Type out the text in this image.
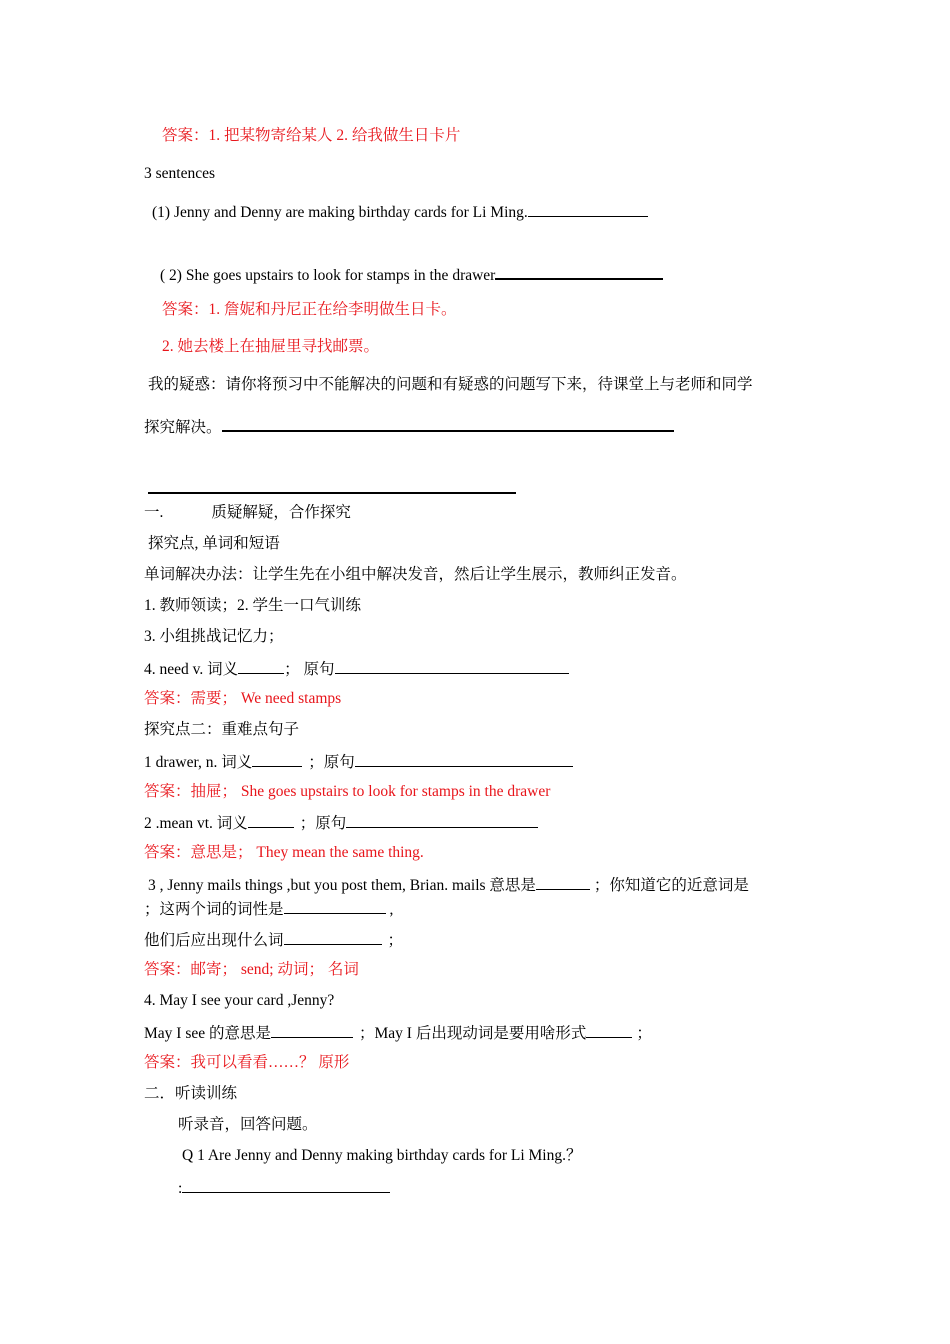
答案：1. 把某物寄给某人 2. 给我做生日卡片
3 sentences
(1) Jenny and Denny are making birthday cards for Li Ming.
( 2) She goes upstairs to look for stamps in the drawer
答案：1. 詹妮和丹尼正在给李明做生日卡。
2. 她去楼上在抽屉里寻找邮票。
我的疑惑：请你将预习中不能解决的问题和有疑惑的问题写下来，待课堂上与老师和同学
探究解决。
一.	质疑解疑，合作探究
探究点, 单词和短语
单词解决办法：让学生先在小组中解决发音，然后让学生展示，教师纠正发音。
1. 教师领读；2. 学生一口气训练
3. 小组挑战记忆力；
4. need v. 词义	； 原句
答案：需要； We need stamps
探究点二：重难点句子
1 drawer, n. 词义	；原句
答案：抽屉； She goes upstairs to look for stamps in the drawer
2 .mean vt. 词义	；原句
答案：意思是； They mean the same thing.
3 , Jenny mails things ,but you post them, Brian. mails 意思是	；你知道它的近意词是
；这两个词的词性是	,
他们后应出现什么词	；
答案：邮寄； send; 动词； 名词
4. May I see your card ,Jenny?
May I see 的意思是	；May I 后出现动词是要用啥形式	；
答案：我可以看看……？ 原形
二．听读训练
听录音，回答问题。
Q 1 Are Jenny and Denny making birthday cards for Li Ming.？
:
